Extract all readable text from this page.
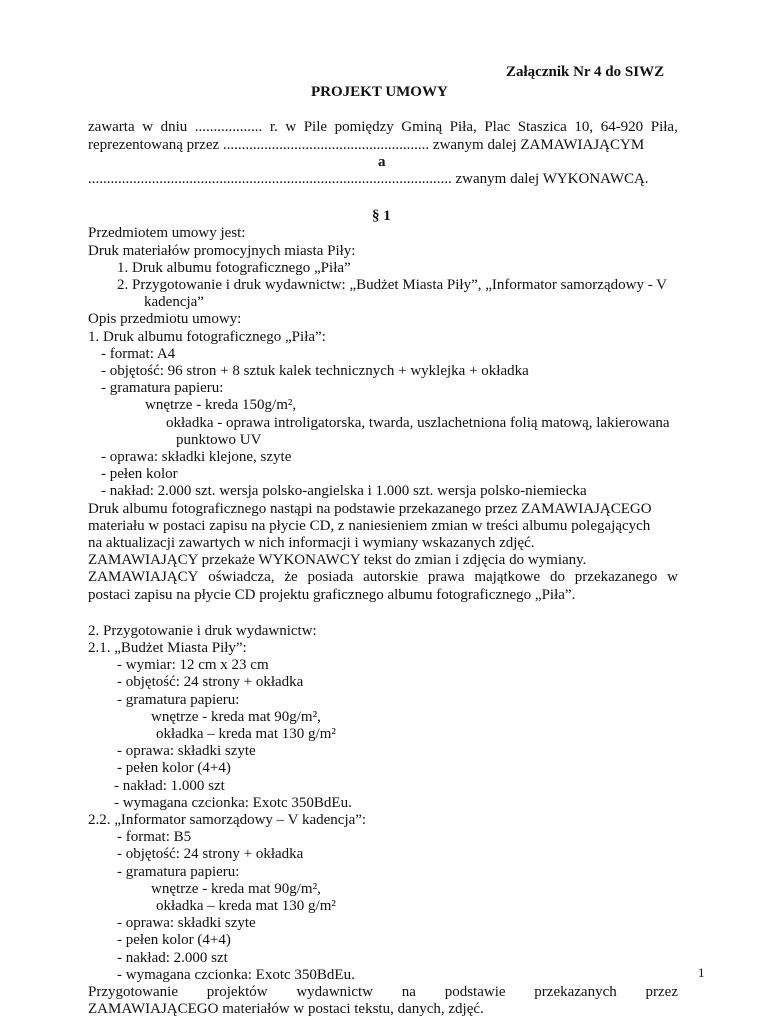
Załącznik Nr 4 do SIWZ
PROJEKT UMOWY
zawarta w dniu .................. r. w Pile pomiędzy Gminą Piła, Plac Staszica 10, 64-920 Piła,
reprezentowaną przez ....................................................... zwanym dalej ZAMAWIAJĄCYM
a
................................................................................................. zwanym dalej WYKONAWCĄ.
§ 1
Przedmiotem umowy jest:
Druk materiałów promocyjnych miasta Piły:
1. Druk albumu fotograficznego „Piła”
2. Przygotowanie i druk wydawnictw: „Budżet Miasta Piły”, „Informator samorządowy - V
kadencja”
Opis przedmiotu umowy:
1. Druk albumu fotograficznego „Piła”:
- format: A4
- objętość: 96 stron + 8 sztuk kalek technicznych + wyklejka + okładka
- gramatura papieru:
wnętrze - kreda 150g/m²,
okładka - oprawa introligatorska, twarda, uszlachetniona folią matową, lakierowana
punktowo UV
- oprawa: składki klejone, szyte
- pełen kolor
- nakład: 2.000 szt. wersja polsko-angielska i 1.000 szt. wersja polsko-niemiecka
Druk albumu fotograficznego nastąpi na podstawie przekazanego przez ZAMAWIAJĄCEGO
materiału w postaci zapisu na płycie CD, z naniesieniem zmian w treści albumu polegających
na aktualizacji zawartych w nich informacji i wymiany wskazanych zdjęć.
ZAMAWIAJĄCY przekaże WYKONAWCY tekst do zmian i zdjęcia do wymiany.
ZAMAWIAJĄCY oświadcza, że posiada autorskie prawa majątkowe do przekazanego w
postaci zapisu na płycie CD projektu graficznego albumu fotograficznego „Piła”.
2. Przygotowanie i druk wydawnictw:
2.1. „Budżet Miasta Piły”:
- wymiar: 12 cm x 23 cm
- objętość: 24 strony + okładka
- gramatura papieru:
wnętrze - kreda mat 90g/m²,
okładka – kreda mat 130 g/m²
- oprawa: składki szyte
- pełen kolor (4+4)
- nakład: 1.000 szt
- wymagana czcionka: Exotc 350BdEu.
2.2. „Informator samorządowy – V kadencja”:
- format: B5
- objętość: 24 strony + okładka
- gramatura papieru:
wnętrze - kreda mat 90g/m²,
okładka – kreda mat 130 g/m²
- oprawa: składki szyte
- pełen kolor (4+4)
- nakład: 2.000 szt
- wymagana czcionka: Exotc 350BdEu.
Przygotowanie projektów wydawnictw na podstawie przekazanych przez
ZAMAWIAJĄCEGO materiałów w postaci tekstu, danych, zdjęć.
1
